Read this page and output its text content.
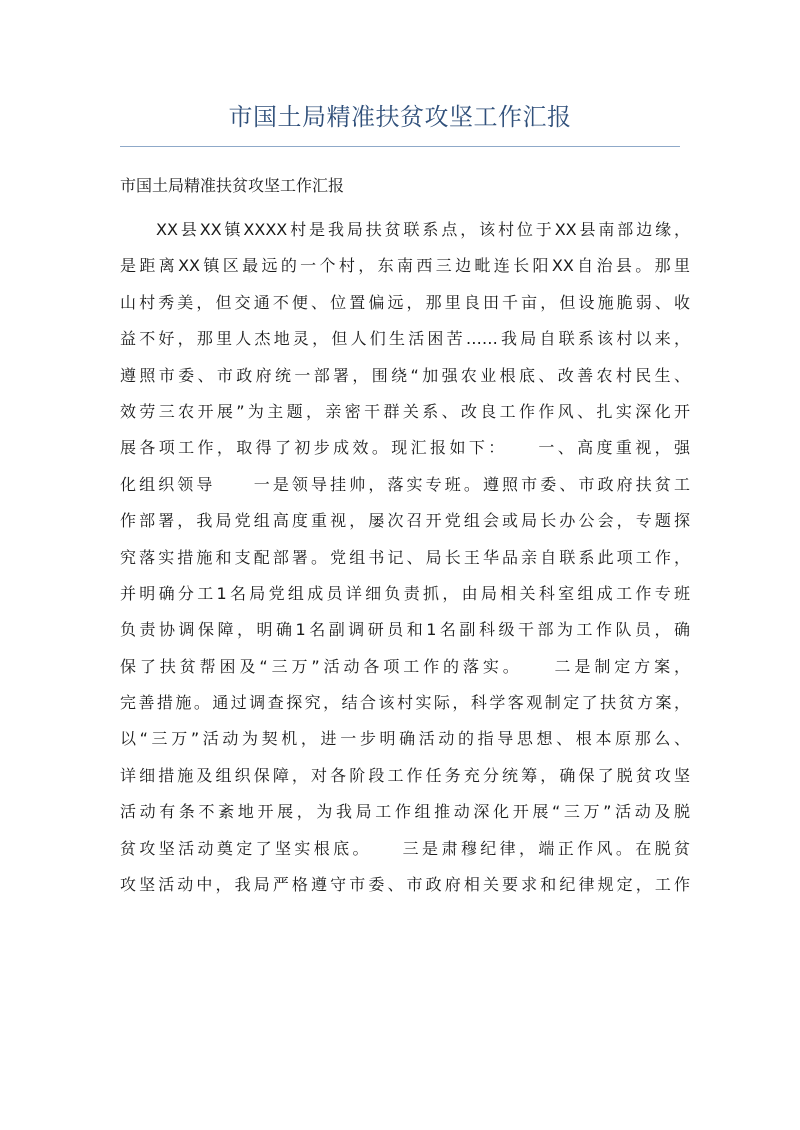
市国土局精准扶贫攻坚工作汇报
市国土局精准扶贫攻坚工作汇报
XX县XX镇XXXX村是我局扶贫联系点，该村位于XX县南部边缘，
是距离XX镇区最远的一个村，东南西三边毗连长阳XX自治县。那里
山村秀美，但交通不便、位置偏远，那里良田千亩，但设施脆弱、收
益不好，那里人杰地灵，但人们生活困苦……我局自联系该村以来，
遵照市委、市政府统一部署，围绕“加强农业根底、改善农村民生、
效劳三农开展”为主题，亲密干群关系、改良工作作风、扎实深化开
展各项工作，取得了初步成效。现汇报如下：　　一、高度重视，强
化组织领导　　一是领导挂帅，落实专班。遵照市委、市政府扶贫工
作部署，我局党组高度重视，屡次召开党组会或局长办公会，专题探
究落实措施和支配部署。党组书记、局长王华品亲自联系此项工作，
并明确分工1名局党组成员详细负责抓，由局相关科室组成工作专班
负责协调保障，明确1名副调研员和1名副科级干部为工作队员，确
保了扶贫帮困及“三万”活动各项工作的落实。　　二是制定方案，
完善措施。通过调查探究，结合该村实际，科学客观制定了扶贫方案，
以“三万”活动为契机，进一步明确活动的指导思想、根本原那么、
详细措施及组织保障，对各阶段工作任务充分统筹，确保了脱贫攻坚
活动有条不紊地开展，为我局工作组推动深化开展“三万”活动及脱
贫攻坚活动奠定了坚实根底。　　三是肃穆纪律，端正作风。在脱贫
攻坚活动中，我局严格遵守市委、市政府相关要求和纪律规定，工作
